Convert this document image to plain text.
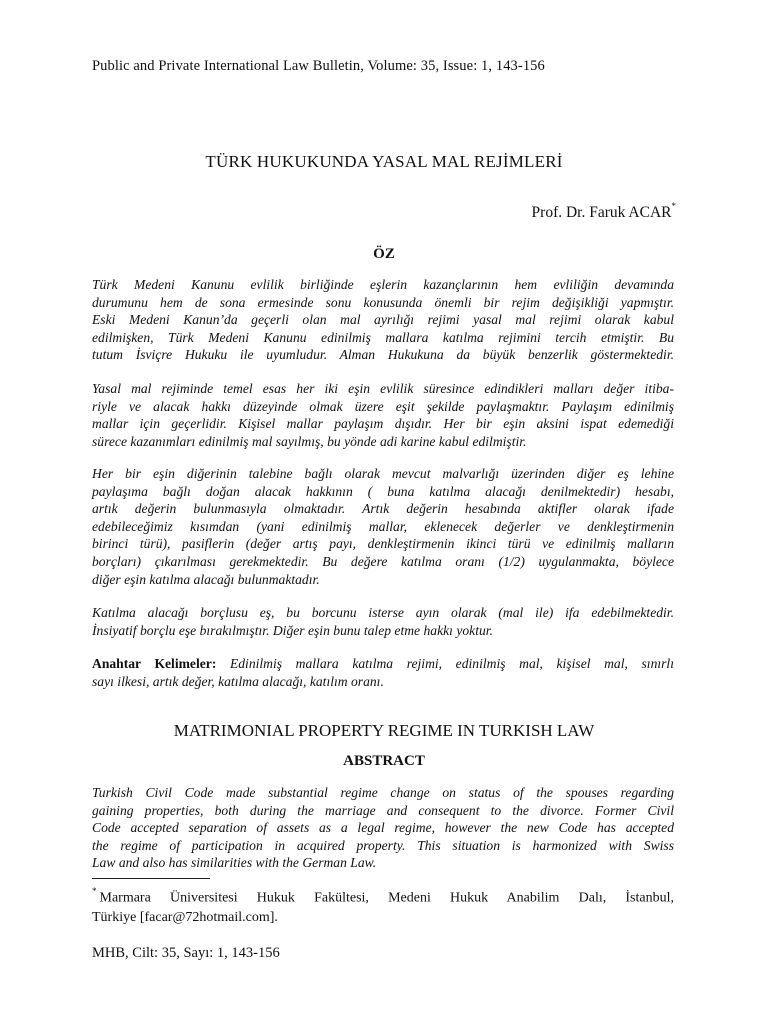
Public and Private International Law Bulletin, Volume: 35, Issue: 1, 143-156
TÜRK HUKUKUNDA YASAL MAL REJİMLERİ
Prof. Dr. Faruk ACAR*
ÖZ
Türk Medeni Kanunu evlilik birliğinde eşlerin kazançlarının hem evliliğin devamında
durumunu hem de sona ermesinde sonu konusunda önemli bir rejim değişikliği yapmıştır.
Eski Medeni Kanun’da geçerli olan mal ayrılığı rejimi yasal mal rejimi olarak kabul
edilmişken, Türk Medeni Kanunu edinilmiş mallara katılma rejimini tercih etmiştir. Bu
tutum İsviçre Hukuku ile uyumludur. Alman Hukukuna da büyük benzerlik göstermektedir.
Yasal mal rejiminde temel esas her iki eşin evlilik süresince edindikleri malları değer itiba-
riyle ve alacak hakkı düzeyinde olmak üzere eşit şekilde paylaşmaktır. Paylaşım edinilmiş
mallar için geçerlidir. Kişisel mallar paylaşım dışıdır. Her bir eşin aksini ispat edemediği
sürece kazanımları edinilmiş mal sayılmış, bu yönde adi karine kabul edilmiştir.
Her bir eşin diğerinin talebine bağlı olarak mevcut malvarlığı üzerinden diğer eş lehine
paylaşıma bağlı doğan alacak hakkının ( buna katılma alacağı denilmektedir) hesabı,
artık değerin bulunmasıyla olmaktadır. Artık değerin hesabında aktifler olarak ifade
edebileceğimiz kısımdan (yani edinilmiş mallar, eklenecek değerler ve denkleştirmenin
birinci türü), pasiflerin (değer artış payı, denkleştirmenin ikinci türü ve edinilmiş malların
borçları) çıkarılması gerekmektedir. Bu değere katılma oranı (1/2) uygulanmakta, böylece
diğer eşin katılma alacağı bulunmaktadır.
Katılma alacağı borçlusu eş, bu borcunu isterse ayın olarak (mal ile) ifa edebilmektedir.
İnsiyatif borçlu eşe bırakılmıştır. Diğer eşin bunu talep etme hakkı yoktur.
Anahtar Kelimeler: Edinilmiş mallara katılma rejimi, edinilmiş mal, kişisel mal, sınırlı
sayı ilkesi, artık değer, katılma alacağı, katılım oranı.
MATRIMONIAL PROPERTY REGIME IN TURKISH LAW
ABSTRACT
Turkish Civil Code made substantial regime change on status of the spouses regarding
gaining properties, both during the marriage and consequent to the divorce. Former Civil
Code accepted separation of assets as a legal regime, however the new Code has accepted
the regime of participation in acquired property. This situation is harmonized with Swiss
Law and also has similarities with the German Law.
* Marmara Üniversitesi Hukuk Fakültesi, Medeni Hukuk Anabilim Dalı, İstanbul,
Türkiye [facar@72hotmail.com].
MHB, Cilt: 35, Sayı: 1, 143-156
